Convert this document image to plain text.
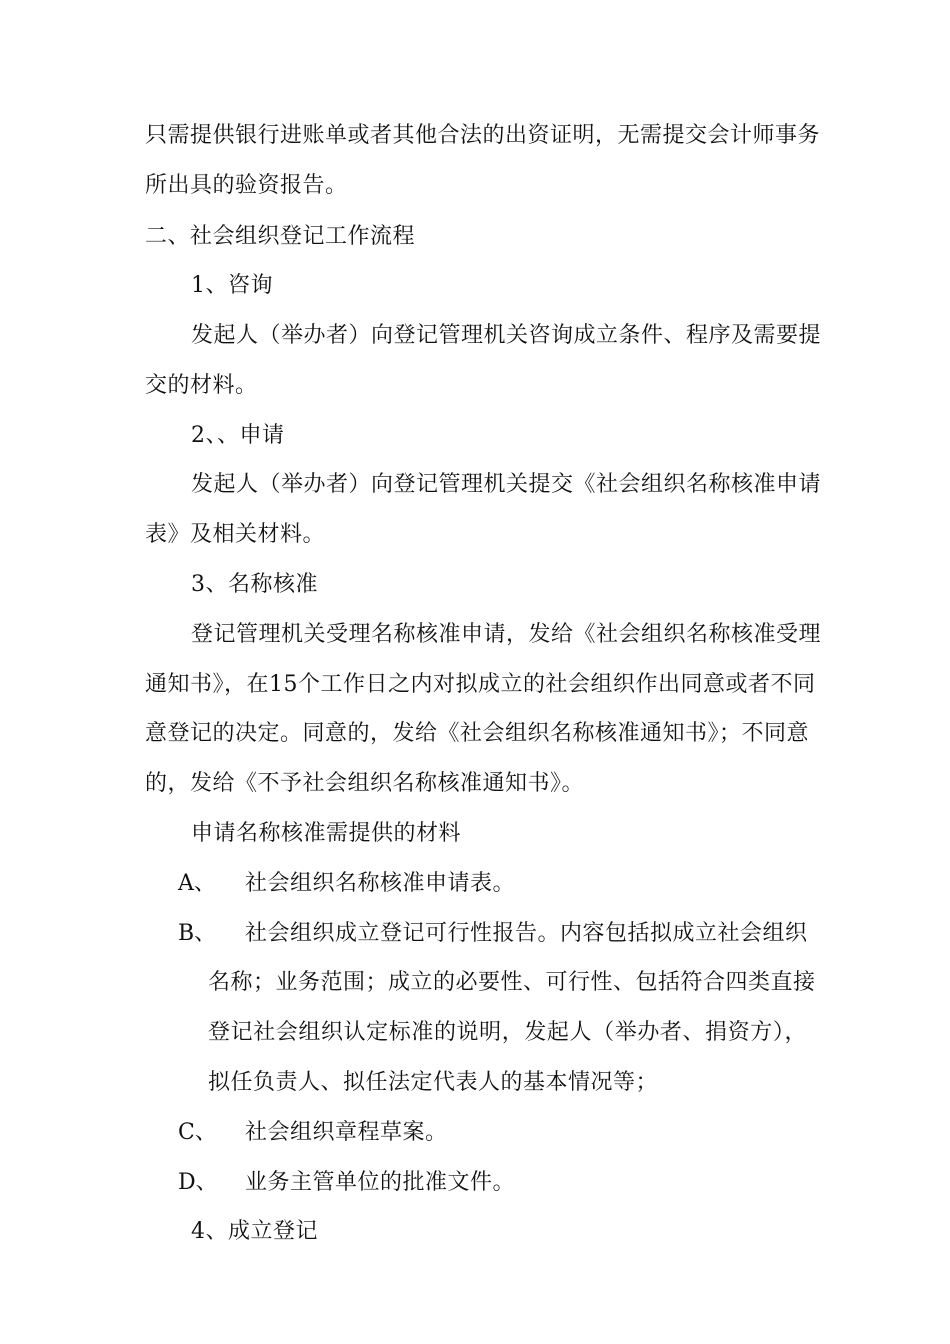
只需提供银行进账单或者其他合法的出资证明，无需提交会计师事务
所出具的验资报告。
二、社会组织登记工作流程
1、咨询
发起人（举办者）向登记管理机关咨询成立条件、程序及需要提
交的材料。
2、、申请
发起人（举办者）向登记管理机关提交《社会组织名称核准申请
表》及相关材料。
3、名称核准
登记管理机关受理名称核准申请，发给《社会组织名称核准受理
通知书》，在15个工作日之内对拟成立的社会组织作出同意或者不同
意登记的决定。同意的，发给《社会组织名称核准通知书》；不同意
的，发给《不予社会组织名称核准通知书》。
申请名称核准需提供的材料
A、 社会组织名称核准申请表。
B、 社会组织成立登记可行性报告。内容包括拟成立社会组织
名称；业务范围；成立的必要性、可行性、包括符合四类直接
登记社会组织认定标准的说明，发起人（举办者、捐资方），
拟任负责人、拟任法定代表人的基本情况等；
C、 社会组织章程草案。
D、 业务主管单位的批准文件。
4、成立登记
